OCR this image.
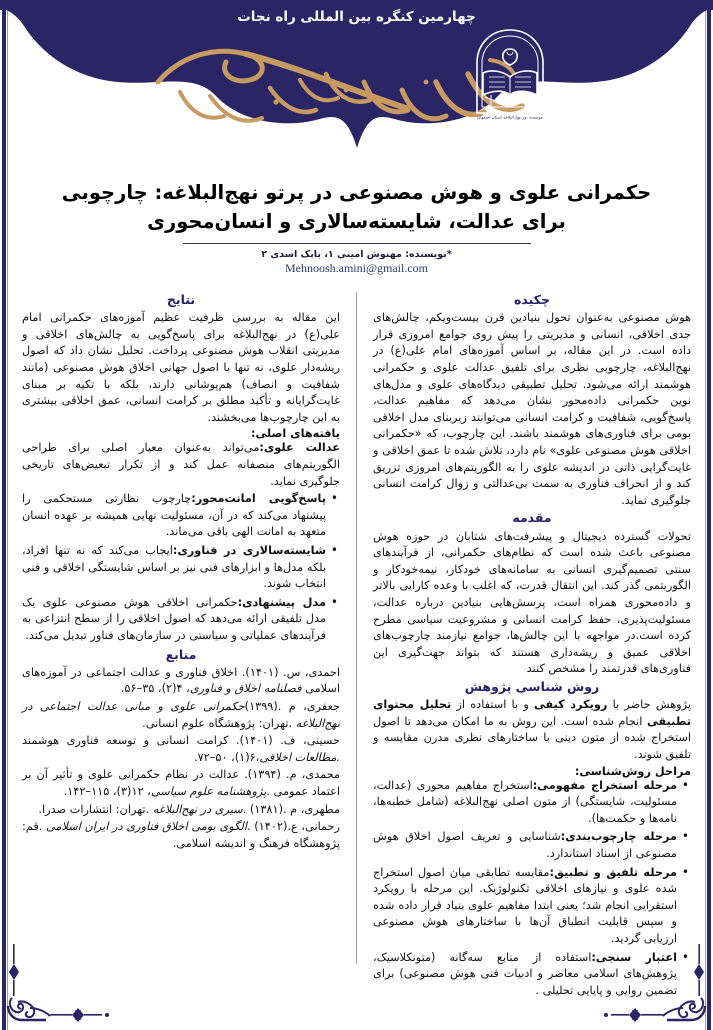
چهارمین کنگره بین المللی راه نجات
موسسه نور نهج البلاغه استان اصفهان
حکمرانی علوی و هوش مصنوعی در پرتو نهج‌البلاغه: چارچوبی برای عدالت، شایسته‌سالاری و انسان‌محوری
*نویسنده: مهنوش امینی ۱، بابک اسدی ۲
Mehnoosh.amini@gmail.com
چکیده

هوش مصنوعی به‌عنوان تحول بنیادین قرن بیست‌ویکم، چالش‌های جدی اخلاقی، انسانی و مدیریتی را پیش روی جوامع امروزی قرار داده است. در این مقاله، بر اساس آموزه‌های امام علی(ع) در نهج‌البلاغه، چارچوبی نظری برای تلفیق عدالت علوی و حکمرانی هوشمند ارائه می‌شود. تحلیل تطبیقی دیدگاه‌های علوی و مدل‌های نوین حکمرانی داده‌محور نشان می‌دهد که مفاهیم عدالت، پاسخ‌گویی، شفافیت و کرامت انسانی می‌توانند زیربنای مدل اخلاقی بومی برای فناوری‌های هوشمند باشند. این چارچوب، که «حکمرانی اخلاقی هوش مصنوعی علوی» نام دارد، تلاش شده تا عمق اخلاقی و غایت‌گرایی ذاتی در اندیشه علوی را به الگوریتم‌های امروزی تزریق کند و از انحراف فناوری به سمت بی‌عدالتی و زوال کرامت انسانی جلوگیری نماید.

مقدمه

تحولات گسترده دیجیتال و پیشرفت‌های شتابان در حوزه هوش مصنوعی باعث شده است که نظام‌های حکمرانی، از فرآیندهای سنتی تصمیم‌گیری انسانی به سامانه‌های خودکار، نیمه‌خودکار و الگوریتمی گذر کند. این انتقال قدرت، که اغلب با وعده کارایی بالاتر و داده‌محوری همراه است، پرسش‌هایی بنیادین درباره عدالت، مسئولیت‌پذیری، حفظ کرامت انسانی و مشروعیت سیاسی مطرح کرده است.در مواجهه با این چالش‌ها، جوامع نیازمند چارچوب‌های اخلاقی عمیق و ریشه‌داری هستند که بتواند جهت‌گیری این فناوری‌های قدرتمند را مشخص کنند

روش شناسی پژوهش

پژوهش حاضر با رویکرد کیفی و با استفاده از تحلیل محتوای تطبیقی انجام شده است. این روش به ما امکان می‌دهد تا اصول استخراج شده از متون دینی با ساختارهای نظری مدرن مقایسه و تلفیق شوند.

مراحل روش‌شناسی:
• مرحله استخراج مفهومی:استخراج مفاهیم محوری (عدالت، مسئولیت، شایستگی) از متون اصلی نهج‌البلاغه (شامل خطبه‌ها، نامه‌ها و حکمت‌ها).
• مرحله چارچوب‌بندی:شناسایی و تعریف اصول اخلاق هوش مصنوعی از اسناد استاندارد.
• مرحله تلفیق و تطبیق:مقایسه تطابقی میان اصول استخراج شده علوی و نیازهای اخلاقی تکنولوژیک. این مرحله با رویکرد استقرایی انجام شد؛ یعنی ابتدا مفاهیم علوی بنیاد قرار داده شده و سپس قابلیت انطباق آن‌ها با ساختارهای هوش مصنوعی ارزیابی گردید.
• اعتبار سنجی:استفاده از منابع سه‌گانه (متونکلاسیک، پژوهش‌های اسلامی معاصر و ادبیات فنی هوش مصنوعی) برای تضمین روایی و پایایی تحلیلی .
نتایج

این مقاله به بررسی ظرفیت عظیم آموزه‌های حکمرانی امام علی(ع) در نهج‌البلاغه برای پاسخ‌گویی به چالش‌های اخلاقی و مدیریتی انقلاب هوش مصنوعی پرداخت. تحلیل نشان داد که اصول ریشه‌دار علوی، نه تنها با اصول جهانی اخلاق هوش مصنوعی (مانند شفافیت و انصاف) هم‌پوشانی دارند، بلکه با تکیه بر مبنای غایت‌گرایانه و تأکید مطلق بر کرامت انسانی، عمق اخلاقی بیشتری به این چارچوب‌ها می‌بخشند.

یافته‌های اصلی:

عدالت علوی:می‌تواند به‌عنوان معیار اصلی برای طراحی الگوریتم‌های منصفانه عمل کند و از تکرار تبعیض‌های تاریخی جلوگیری نماید.

• پاسخ‌گویی امانت‌محور:چارچوب نظارتی مستحکمی را پیشنهاد می‌کند که در آن، مسئولیت نهایی همیشه بر عهده انسان متعهد به امانت الهی باقی می‌ماند.
• شایسته‌سالاری در فناوری:ایجاب می‌کند که نه تنها افراد، بلکه مدل‌ها و ابزارهای فنی نیز بر اساس شایستگی اخلاقی و فنی انتخاب شوند.
• مدل پیشنهادی:حکمرانی اخلاقی هوش مصنوعی علوی یک مدل تلفیقی ارائه می‌دهد که اصول اخلاقی را از سطح انتزاعی به فرآیندهای عملیاتی و سیاستی در سازمان‌های فناور تبدیل می‌کند.
منابع
احمدی، س. (۱۴۰۱). اخلاق فناوری و عدالت اجتماعی در آموزه‌های اسلامی فصلنامه اخلاق و فناوری، ۴(۲)، ۳۵–۵۶.
جعفری، م .(۱۳۹۹)حکمرانی علوی و مبانی عدالت اجتماعی در نهج‌البلاغه .تهران: پژوهشگاه علوم انسانی.
حسینی، ف. (۱۴۰۱). کرامت انسانی و توسعه فناوری هوشمند .مطالعات اخلاقی،۶(۱)، ۵۰–۷۲.
محمدی، م. (۱۳۹۴). عدالت در نظام حکمرانی علوی و تأثیر آن بر اعتماد عمومی .پژوهشنامه علوم سیاسی، ۱۲(۳)، ۱۱۵–۱۴۲.
مطهری، م .(۱۳۸۱) .سیری در نهج‌البلاغه .تهران: انتشارات صدرا.
رحمانی، ع.(۱۴۰۲) .الگوی بومی اخلاق فناوری در ایران اسلامی .قم: پژوهشگاه فرهنگ و اندیشه اسلامی.
